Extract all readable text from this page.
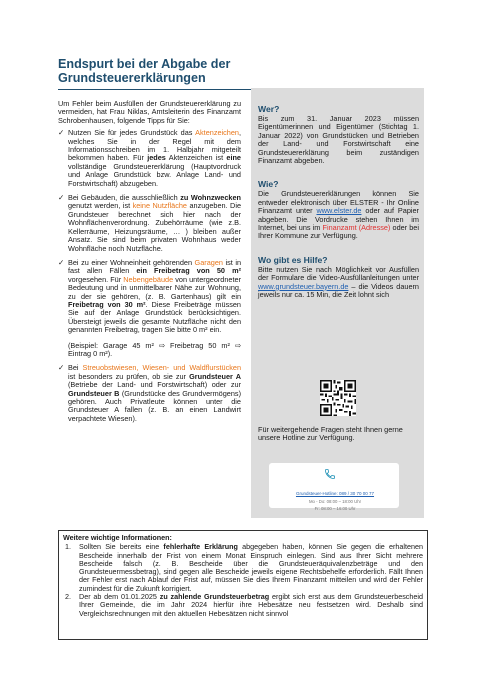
Endspurt bei der Abgabe der Grundsteuererklärungen

Um Fehler beim Ausfüllen der Grundsteuererklärung zu vermeiden, hat Frau Niklas, Amtsleiterin des Finanzamt Schrobenhausen, folgende Tipps für Sie:

✓ Nutzen Sie für jedes Grundstück das Aktenzeichen, welches Sie in der Regel mit dem Informationsschreiben im 1. Halbjahr mitgeteilt bekommen haben. Für jedes Aktenzeichen ist eine vollständige Grundsteuererklärung (Hauptvordruck und Anlage Grundstück bzw. Anlage Land- und Forstwirtschaft) abzugeben.
✓ Bei Gebäuden, die ausschließlich zu Wohnzwecken genutzt werden, ist keine Nutzfläche anzugeben. Die Grundsteuer berechnet sich hier nach der Wohnflächenverordnung. Zubehörräume (wie z.B. Kellerräume, Heizungsräume, … ) bleiben außer Ansatz. Sie sind beim privaten Wohnhaus weder Wohnfläche noch Nutzfläche.
✓ Bei zu einer Wohneinheit gehörenden Garagen ist in fast allen Fällen ein Freibetrag von 50 m² vorgesehen. Für Nebengebäude von untergeordneter Bedeutung und in unmittelbarer Nähe zur Wohnung, zu der sie gehören, (z. B. Gartenhaus) gilt ein Freibetrag von 30 m². Diese Freibeträge müssen Sie auf der Anlage Grundstück berücksichtigen. Übersteigt jeweils die gesamte Nutzfläche nicht den genannten Freibetrag, tragen Sie bitte 0 m² ein.
(Beispiel: Garage 45 m² ⇨ Freibetrag 50 m² ⇨ Eintrag 0 m²).
✓ Bei Streuobstwiesen, Wiesen- und Waldflurstücken ist besonders zu prüfen, ob sie zur Grundsteuer A (Betriebe der Land- und Forstwirtschaft) oder zur Grundsteuer B (Grundstücke des Grundvermögens) gehören. Auch Privatleute können unter die Grundsteuer A fallen (z. B. an einen Landwirt verpachtete Wiesen).
Wer?

Bis zum 31. Januar 2023 müssen Eigentümerinnen und Eigentümer (Stichtag 1. Januar 2022) von Grundstücken und Betrieben der Land- und Forstwirtschaft eine Grundsteuererklärung beim zuständigen Finanzamt abgeben.

Wie?

Die Grundsteuererklärungen können Sie entweder elektronisch über ELSTER - Ihr Online Finanzamt unter www.elster.de oder auf Papier abgeben. Die Vordrucke stehen Ihnen im Internet, bei uns im Finanzamt (Adresse) oder bei Ihrer Kommune zur Verfügung.

Wo gibt es Hilfe?

Bitte nutzen Sie nach Möglichkeit vor Ausfüllen der Formulare die Video-Ausfüllanleitungen unter www.grundsteuer.bayern.de – die Videos dauern jeweils nur ca. 15 Min, die Zeit lohnt sich

Für weitergehende Fragen steht Ihnen gerne unsere Hotline zur Verfügung.

Grundsteuer-Hotline: 089 / 30 70 00 77
Mo - Do: 08:00 – 18:00 Uhr
Fr: 08:00 – 16:00 Uhr
Weitere wichtige Informationen:
1. Sollten Sie bereits eine fehlerhafte Erklärung abgegeben haben, können Sie gegen die erhaltenen Bescheide innerhalb der Frist von einem Monat Einspruch einlegen. Sind aus Ihrer Sicht mehrere Bescheide falsch (z. B. Bescheide über die Grundsteueräquivalenzbeträge und den Grundsteuermessbetrag), sind gegen alle Bescheide jeweils eigene Rechtsbehelfe erforderlich. Fällt Ihnen der Fehler erst nach Ablauf der Frist auf, müssen Sie dies Ihrem Finanzamt mitteilen und wird der Fehler zumindest für die Zukunft korrigiert.
2. Der ab dem 01.01.2025 zu zahlende Grundsteuerbetrag ergibt sich erst aus dem Grundsteuerbescheid Ihrer Gemeinde, die im Jahr 2024 hierfür ihre Hebesätze neu festsetzen wird. Deshalb sind Vergleichsrechnungen mit den aktuellen Hebesätzen nicht sinnvol
